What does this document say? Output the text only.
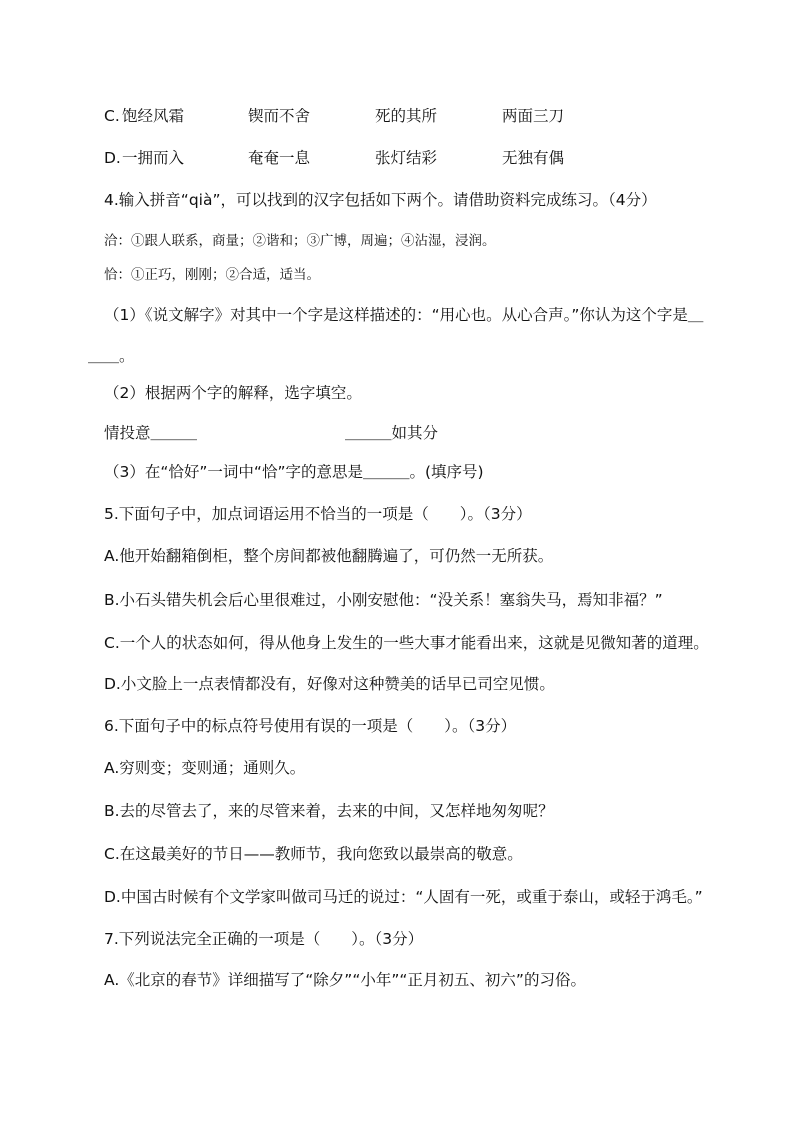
C. 饱经风霜	锲而不舍	死的其所	两面三刀
D. 一拥而入	奄奄一息	张灯结彩	无独有偶
4.输入拼音“qià”，可以找到的汉字包括如下两个。请借助资料完成练习。（4分）
洽：①跟人联系，商量；②谐和；③广博，周遍；④沾湿，浸润。
恰：①正巧，刚刚；②合适，适当。
（1）《说文解字》对其中一个字是这样描述的：“用心也。从心合声。”你认为这个字是＿
＿＿。
（2）根据两个字的解释，选字填空。
情投意＿＿＿	＿＿＿如其分
（3）在“恰好”一词中“恰”字的意思是＿＿＿。(填序号)
5.下面句子中，加点词语运用不恰当的一项是（　　）。（3分）
A.他开始翻箱倒柜，整个房间都被他翻腾遍了，可仍然一无所获。
B.小石头错失机会后心里很难过，小刚安慰他：“没关系！塞翁失马，焉知非福？”
C.一个人的状态如何，得从他身上发生的一些大事才能看出来，这就是见微知著的道理。
D.小文脸上一点表情都没有，好像对这种赞美的话早已司空见惯。
6.下面句子中的标点符号使用有误的一项是（　　）。（3分）
A.穷则变；变则通；通则久。
B.去的尽管去了，来的尽管来着，去来的中间，又怎样地匆匆呢？
C.在这最美好的节日——教师节，我向您致以最崇高的敬意。
D.中国古时候有个文学家叫做司马迁的说过：“人固有一死，或重于泰山，或轻于鸿毛。”
7.下列说法完全正确的一项是（　　）。（3分）
A.《北京的春节》详细描写了“除夕”“小年”“正月初五、初六”的习俗。
